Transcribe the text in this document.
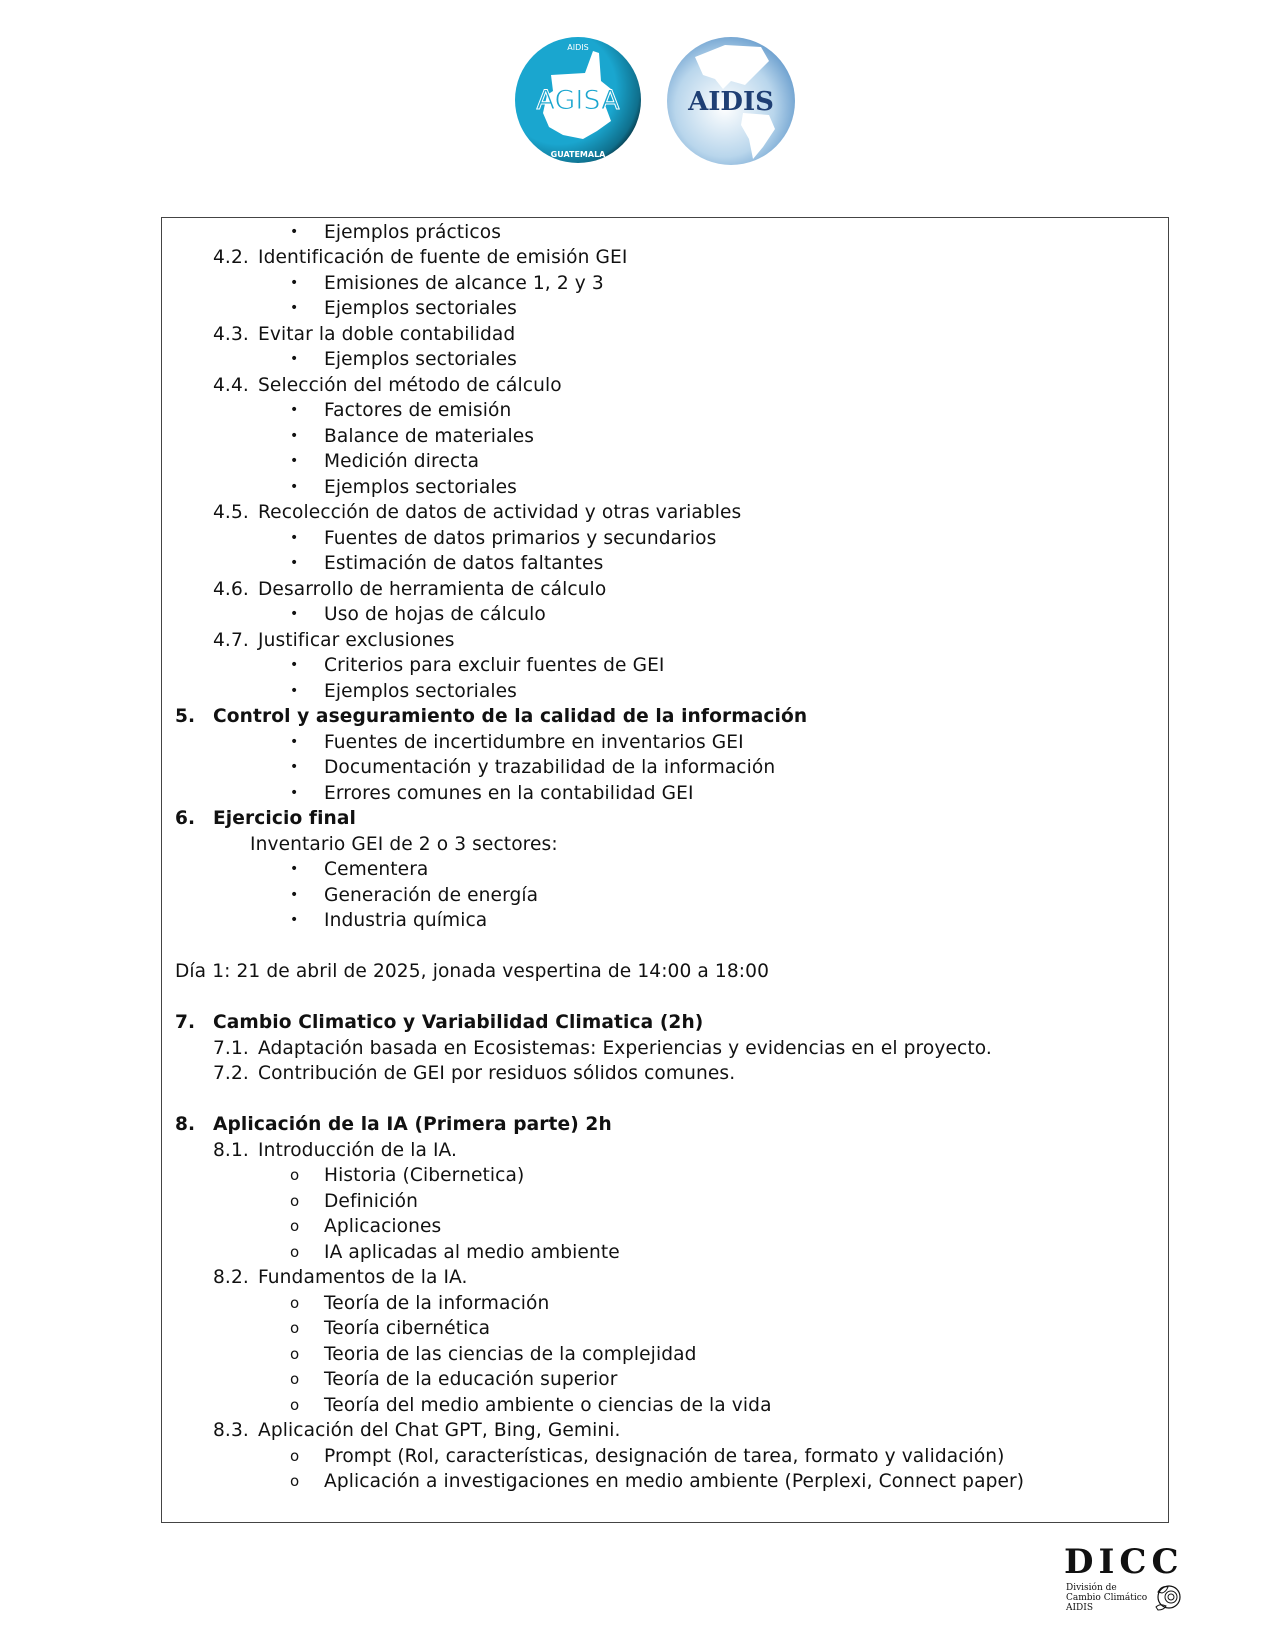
AGISA
AIDIS
GUATEMALA
AIDIS
• Ejemplos prácticos
4.2. Identificación de fuente de emisión GEI
• Emisiones de alcance 1, 2 y 3
• Ejemplos sectoriales
4.3. Evitar la doble contabilidad
• Ejemplos sectoriales
4.4. Selección del método de cálculo
• Factores de emisión
• Balance de materiales
• Medición directa
• Ejemplos sectoriales
4.5. Recolección de datos de actividad y otras variables
• Fuentes de datos primarios y secundarios
• Estimación de datos faltantes
4.6. Desarrollo de herramienta de cálculo
• Uso de hojas de cálculo
4.7. Justificar exclusiones
• Criterios para excluir fuentes de GEI
• Ejemplos sectoriales
5. Control y aseguramiento de la calidad de la información
• Fuentes de incertidumbre en inventarios GEI
• Documentación y trazabilidad de la información
• Errores comunes en la contabilidad GEI
6. Ejercicio final
Inventario GEI de 2 o 3 sectores:
• Cementera
• Generación de energía
• Industria química
Día 1: 21 de abril de 2025, jonada vespertina de 14:00 a 18:00
7. Cambio Climatico y Variabilidad Climatica (2h)
7.1. Adaptación basada en Ecosistemas: Experiencias y evidencias en el proyecto.
7.2. Contribución de GEI por residuos sólidos comunes.
8. Aplicación de la IA (Primera parte) 2h
8.1. Introducción de la IA.
o Historia (Cibernetica)
o Definición
o Aplicaciones
o IA aplicadas al medio ambiente
8.2. Fundamentos de la IA.
o Teoría de la información
o Teoría cibernética
o Teoria de las ciencias de la complejidad
o Teoría de la educación superior
o Teoría del medio ambiente o ciencias de la vida
8.3. Aplicación del Chat GPT, Bing, Gemini.
o Prompt (Rol, características, designación de tarea, formato y validación)
o Aplicación a investigaciones en medio ambiente (Perplexi, Connect paper)
DICC
División de
Cambio Climático
AIDIS
